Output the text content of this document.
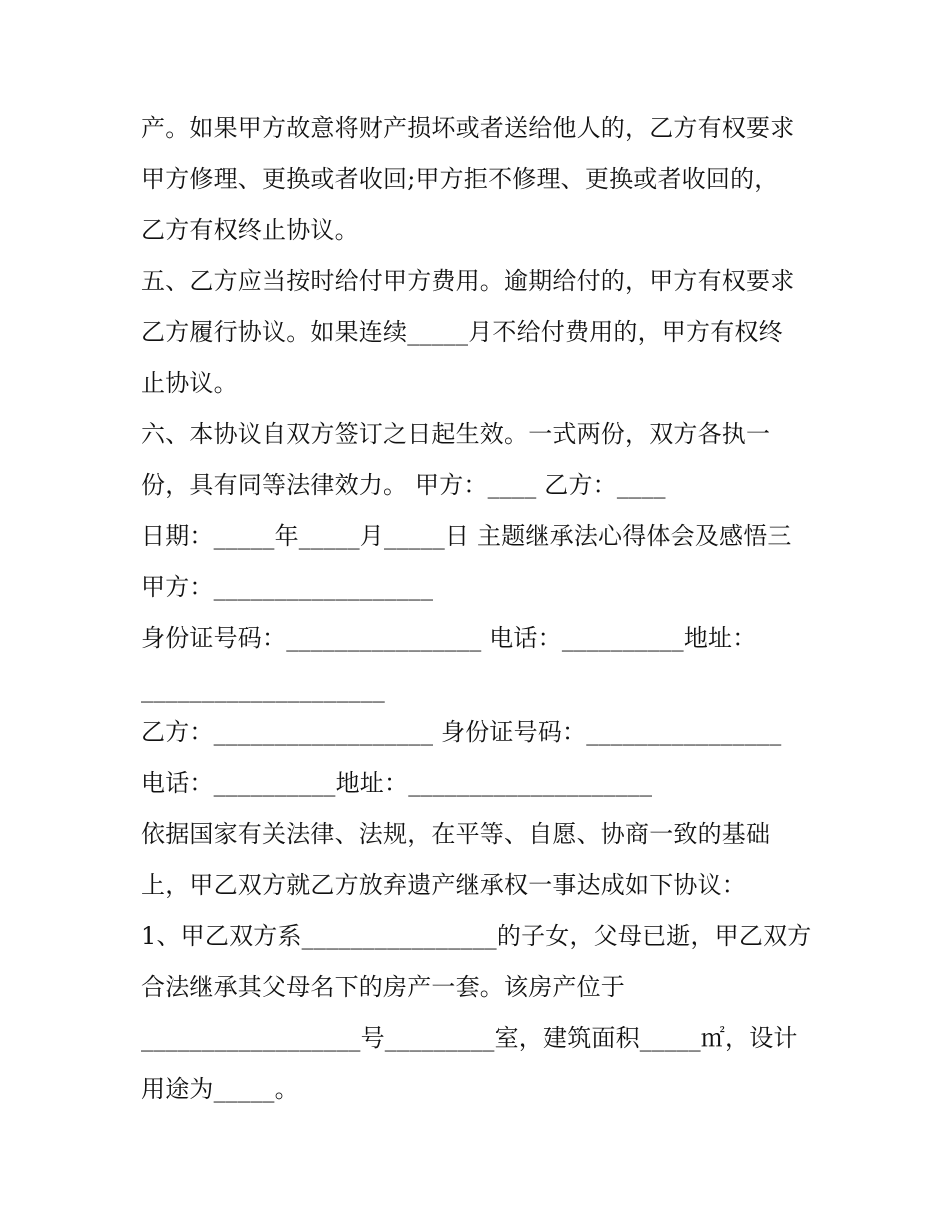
产。如果甲方故意将财产损坏或者送给他人的，乙方有权要求
甲方修理、更换或者收回;甲方拒不修理、更换或者收回的，
乙方有权终止协议。
五、乙方应当按时给付甲方费用。逾期给付的，甲方有权要求
乙方履行协议。如果连续_____月不给付费用的，甲方有权终
止协议。
六、本协议自双方签订之日起生效。一式两份，双方各执一
份，具有同等法律效力。 甲方：____ 乙方：____
日期：_____年_____月_____日 主题继承法心得体会及感悟三
甲方：__________________
身份证号码：________________ 电话：__________地址：
____________________
乙方：__________________ 身份证号码：________________
电话：__________地址：____________________
依据国家有关法律、法规，在平等、自愿、协商一致的基础
上，甲乙双方就乙方放弃遗产继承权一事达成如下协议：
1、甲乙双方系________________的子女，父母已逝，甲乙双方
合法继承其父母名下的房产一套。该房产位于
__________________号_________室，建筑面积_____㎡，设计
用途为_____。
